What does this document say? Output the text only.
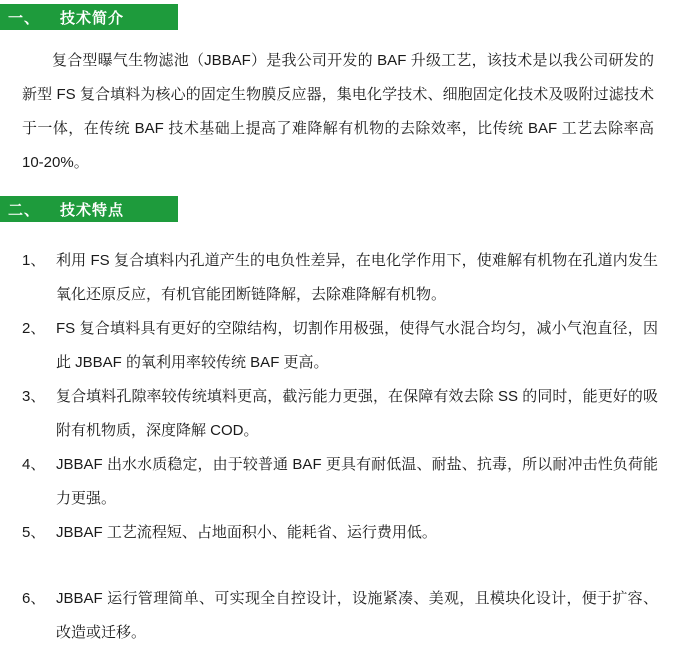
一、	技术简介
复合型曝气生物滤池（JBBAF）是我公司开发的 BAF 升级工艺，该技术是以我公司研发的新型 FS 复合填料为核心的固定生物膜反应器，集电化学技术、细胞固定化技术及吸附过滤技术于一体，在传统 BAF 技术基础上提高了难降解有机物的去除效率，比传统 BAF 工艺去除率高 10-20%。
二、	技术特点
1、 利用 FS 复合填料内孔道产生的电负性差异，在电化学作用下，使难解有机物在孔道内发生氧化还原反应，有机官能团断链降解，去除难降解有机物。
2、 FS 复合填料具有更好的空隙结构，切割作用极强，使得气水混合均匀，减小气泡直径，因此 JBBAF 的氧利用率较传统 BAF 更高。
3、 复合填料孔隙率较传统填料更高，截污能力更强，在保障有效去除 SS 的同时，能更好的吸附有机物质，深度降解 COD。
4、 JBBAF 出水水质稳定，由于较普通 BAF 更具有耐低温、耐盐、抗毒，所以耐冲击性负荷能力更强。
5、 JBBAF 工艺流程短、占地面积小、能耗省、运行费用低。
6、 JBBAF 运行管理简单、可实现全自控设计，设施紧凑、美观，且模块化设计，便于扩容、改造或迁移。
